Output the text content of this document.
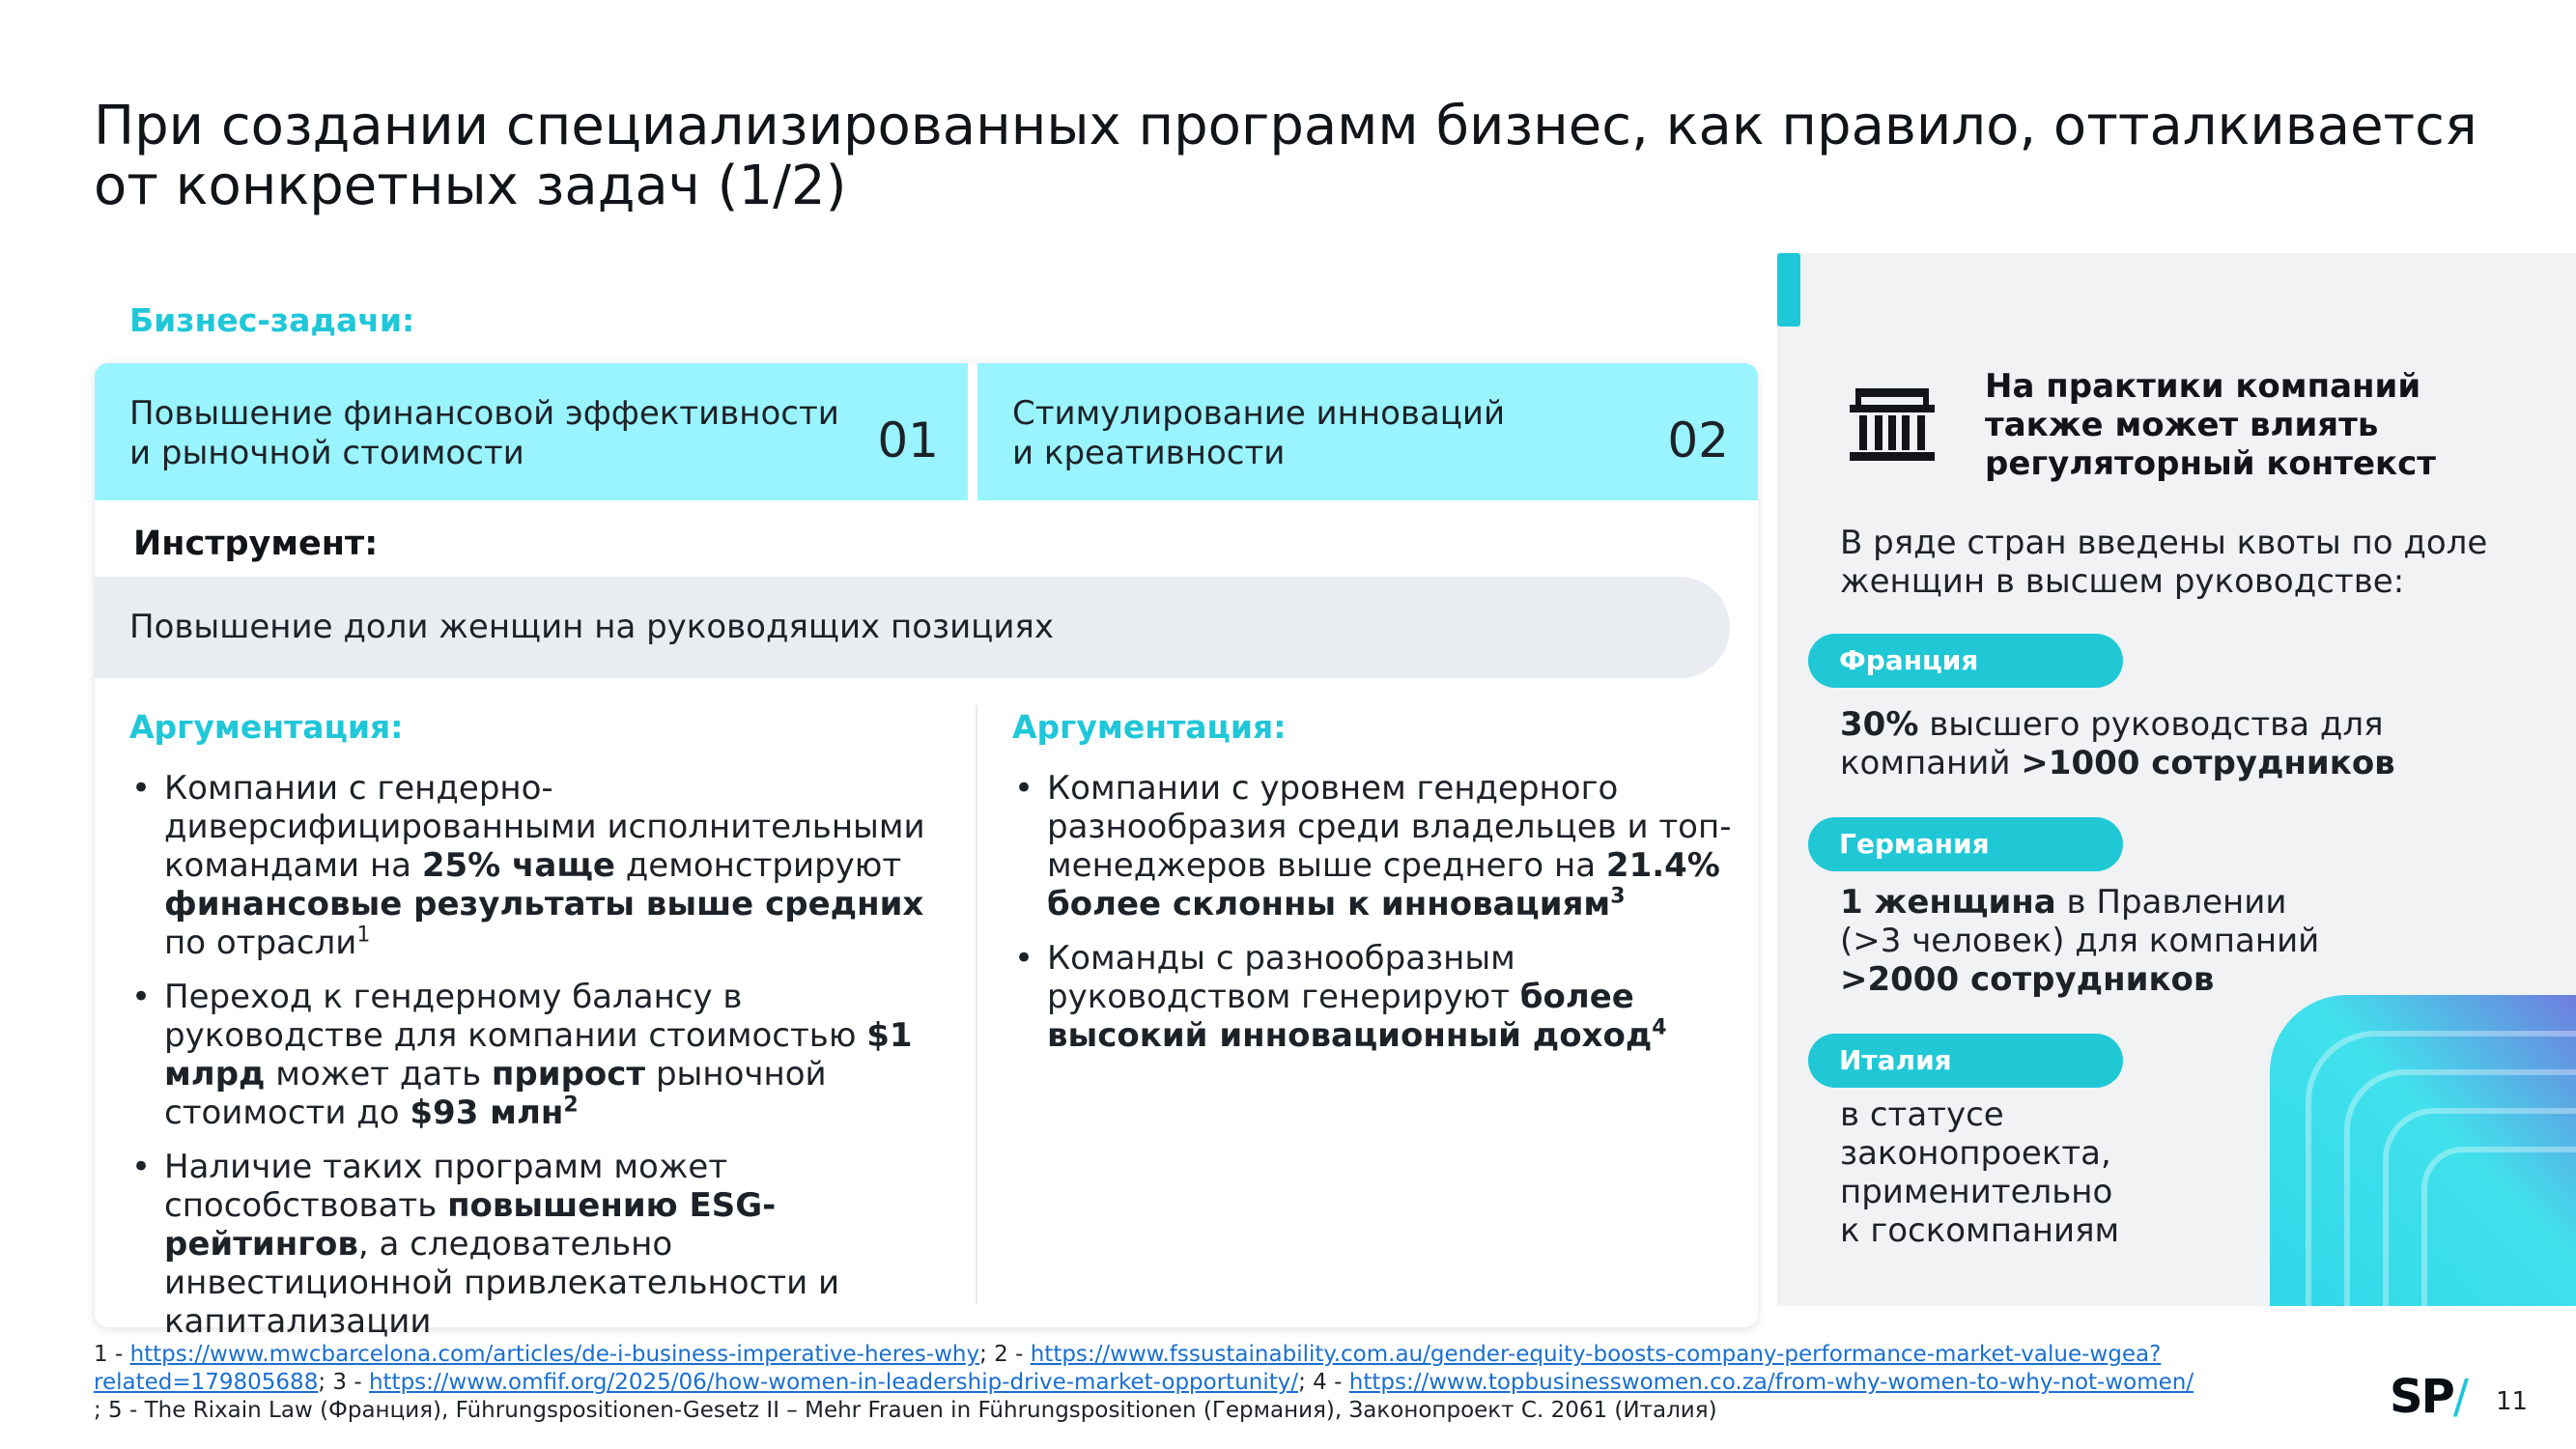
При создании специализированных программ бизнес, как правило, отталкивается от конкретных задач (1/2)
Бизнес-задачи:
Повышение финансовой эффективности
и рыночной стоимости	01 Стимулирование инноваций
и креативности	02
Инструмент:
Повышение доли женщин на руководящих позициях
Аргументация:	Аргументация:
• Компании с гендерно-диверсифицированными исполнительными командами на 25% чаще демонстрируют финансовые результаты выше средних по отрасли$^1$
• Переход к гендерному балансу в руководстве для компании стоимостью $1 млрд может дать прирост рыночной стоимости до $93 млн$^2$
• Наличие таких программ может способствовать повышению ESG-рейтингов, а следовательно инвестиционной привлекательности и капитализации
• Компании с уровнем гендерного разнообразия среди владельцев и топ-менеджеров выше среднего на 21.4% более склонны к инновациям$^3$
• Команды с разнообразным руководством генерируют более высокий инновационный доход$^4$
На практики компаний также может влиять регуляторный контекст
В ряде стран введены квоты по доле женщин в высшем руководстве:
Франция
30% высшего руководства для компаний >1000 сотрудников
Германия
1 женщина в Правлении (>3 человек) для компаний >2000 сотрудников
Италия
в статусе законопроекта, применительно к госкомпаниям
1 - https://www.mwcbarcelona.com/articles/de-i-business-imperative-heres-why; 2 - https://www.fssustainability.com.au/gender-equity-boosts-company-performance-market-value-wgea?related=179805688; 3 - https://www.omfif.org/2025/06/how-women-in-leadership-drive-market-opportunity/; 4 - https://www.topbusinesswomen.co.za/from-why-women-to-why-not-women/ ; 5 - The Rixain Law (Франция), Führungspositionen-Gesetz II – Mehr Frauen in Führungspositionen (Германия), Законопроект С. 2061 (Италия)	SP/ 11
